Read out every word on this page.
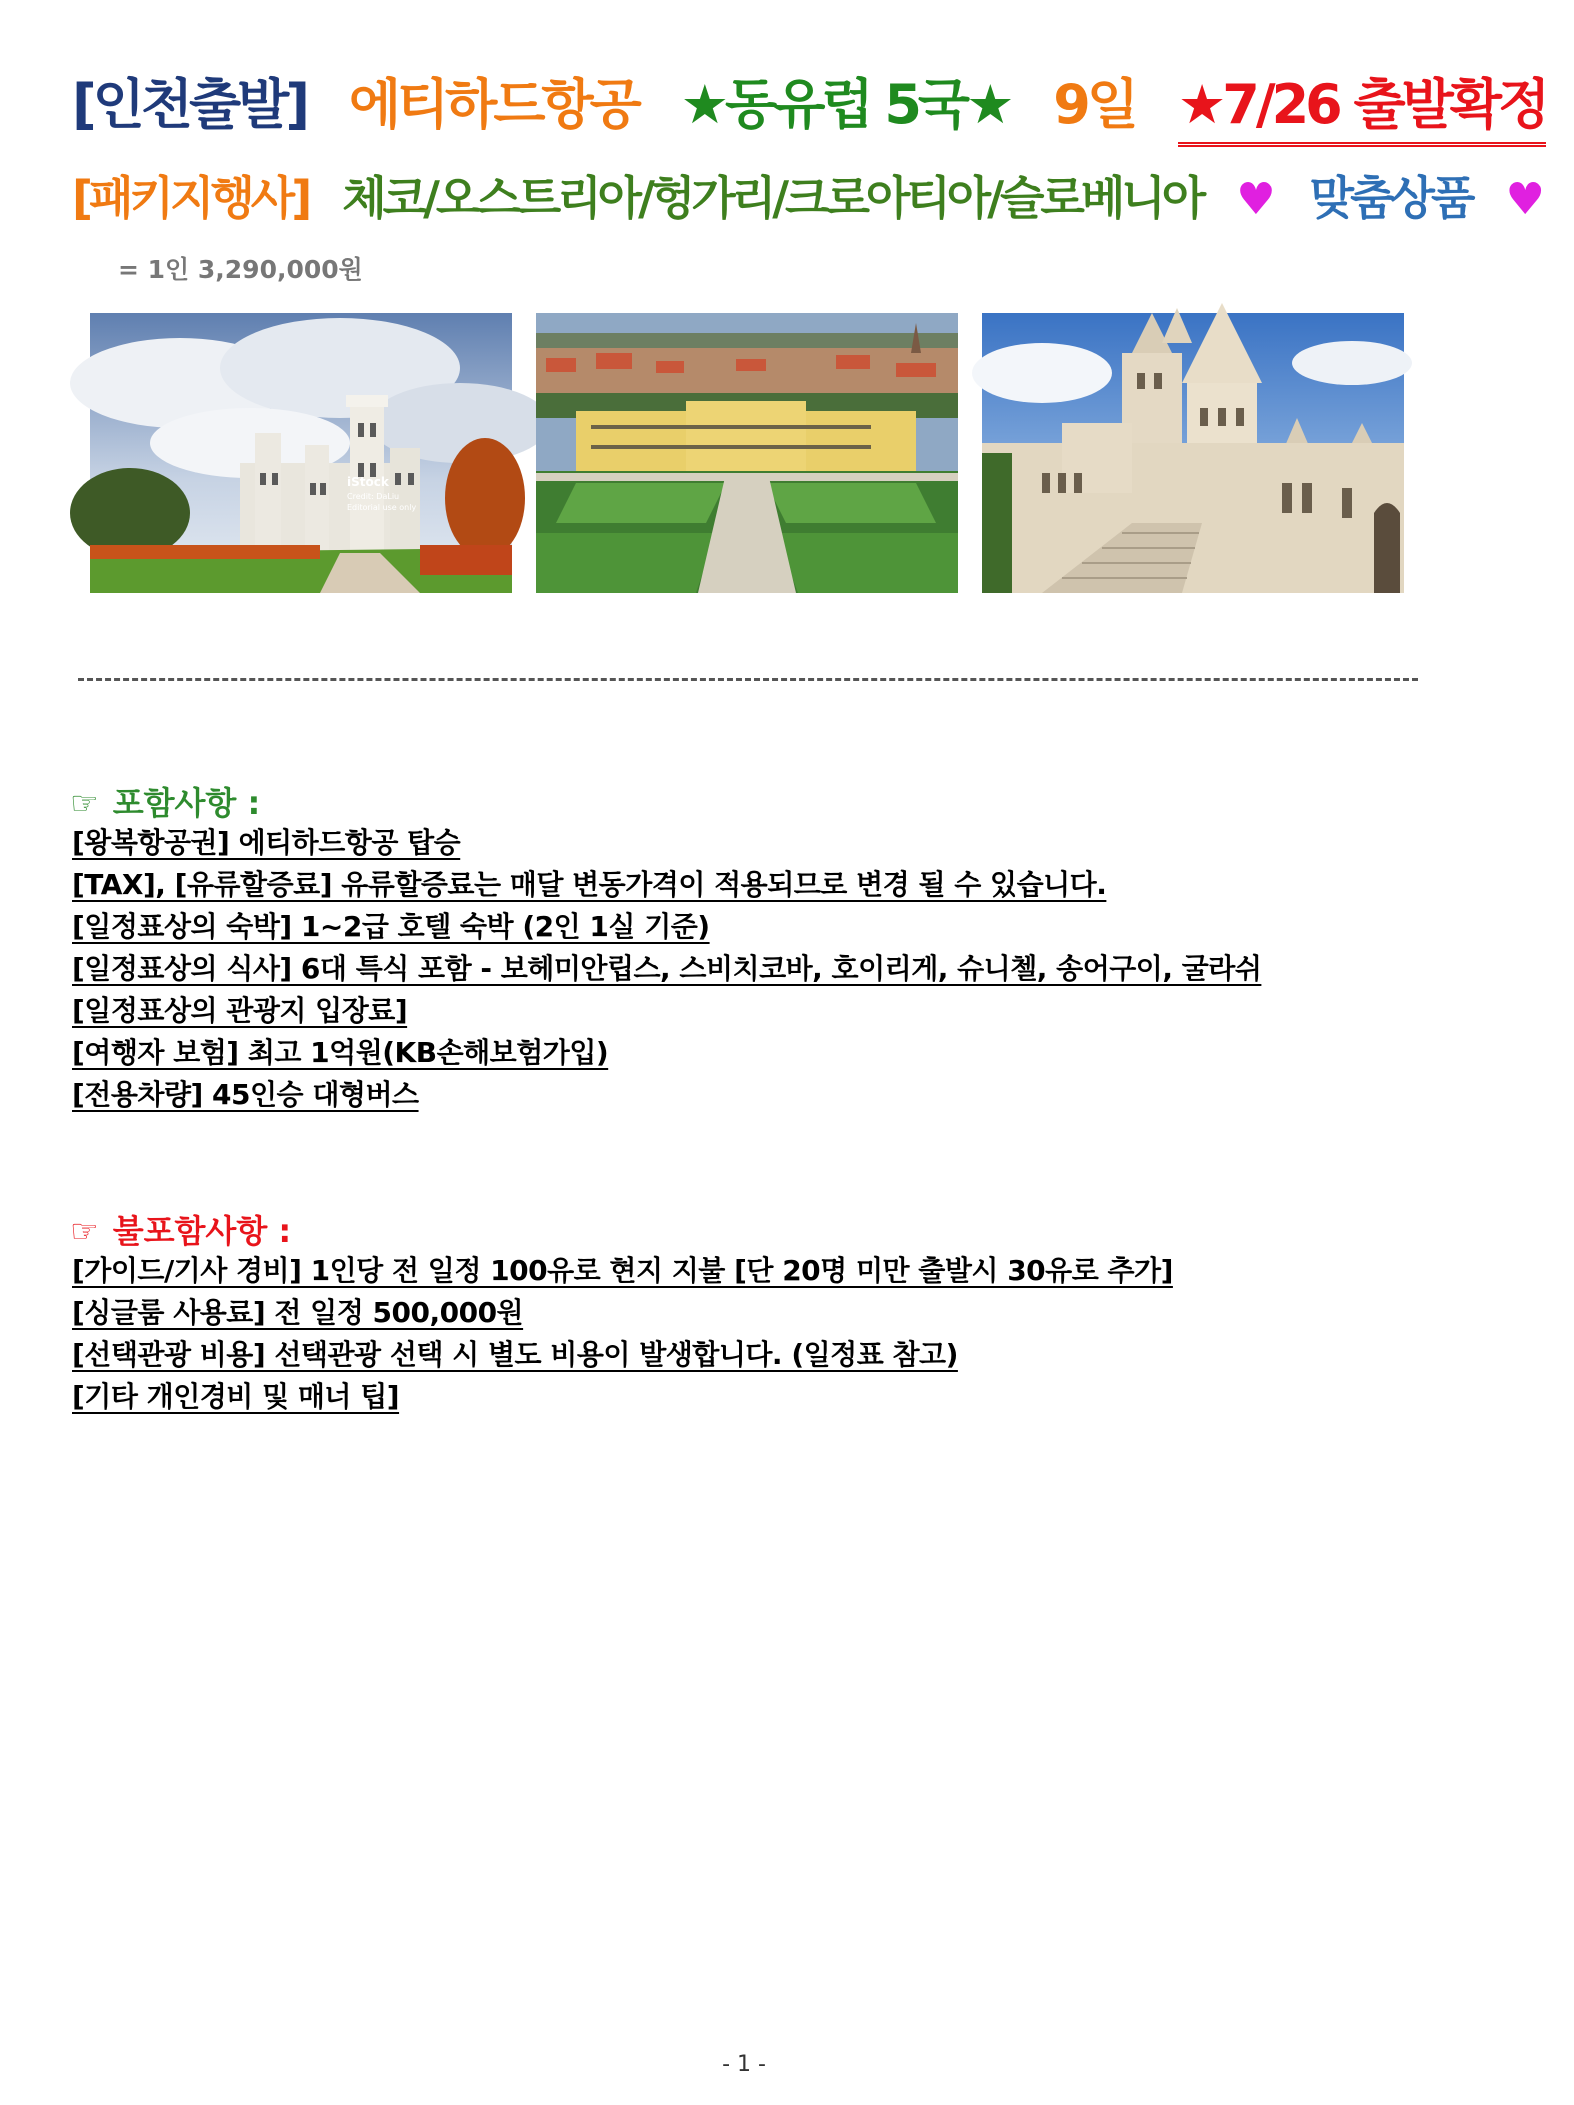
[인천출발] 에티하드항공 ★동유럽 5국★ 9일 ★7/26 출발확정
[패키지행사] 체코/오스트리아/헝가리/크로아티아/슬로베니아 ♥ 맞춤상품 ♥
= 1인 3,290,000원
iStock
Credit: DaLiu
Editorial use only
☞ 포함사항 :
[왕복항공권] 에티하드항공 탑승
[TAX], [유류할증료] 유류할증료는 매달 변동가격이 적용되므로 변경 될 수 있습니다.
[일정표상의 숙박] 1~2급 호텔 숙박 (2인 1실 기준)
[일정표상의 식사] 6대 특식 포함 - 보헤미안립스, 스비치코바, 호이리게, 슈니첼, 송어구이, 굴라쉬
[일정표상의 관광지 입장료]
[여행자 보험] 최고 1억원(KB손해보험가입)
[전용차량] 45인승 대형버스
☞ 불포함사항 :
[가이드/기사 경비] 1인당 전 일정 100유로 현지 지불 [단 20명 미만 출발시 30유로 추가]
[싱글룸 사용료] 전 일정 500,000원
[선택관광 비용] 선택관광 선택 시 별도 비용이 발생합니다. (일정표 참고)
[기타 개인경비 및 매너 팁]
- 1 -
